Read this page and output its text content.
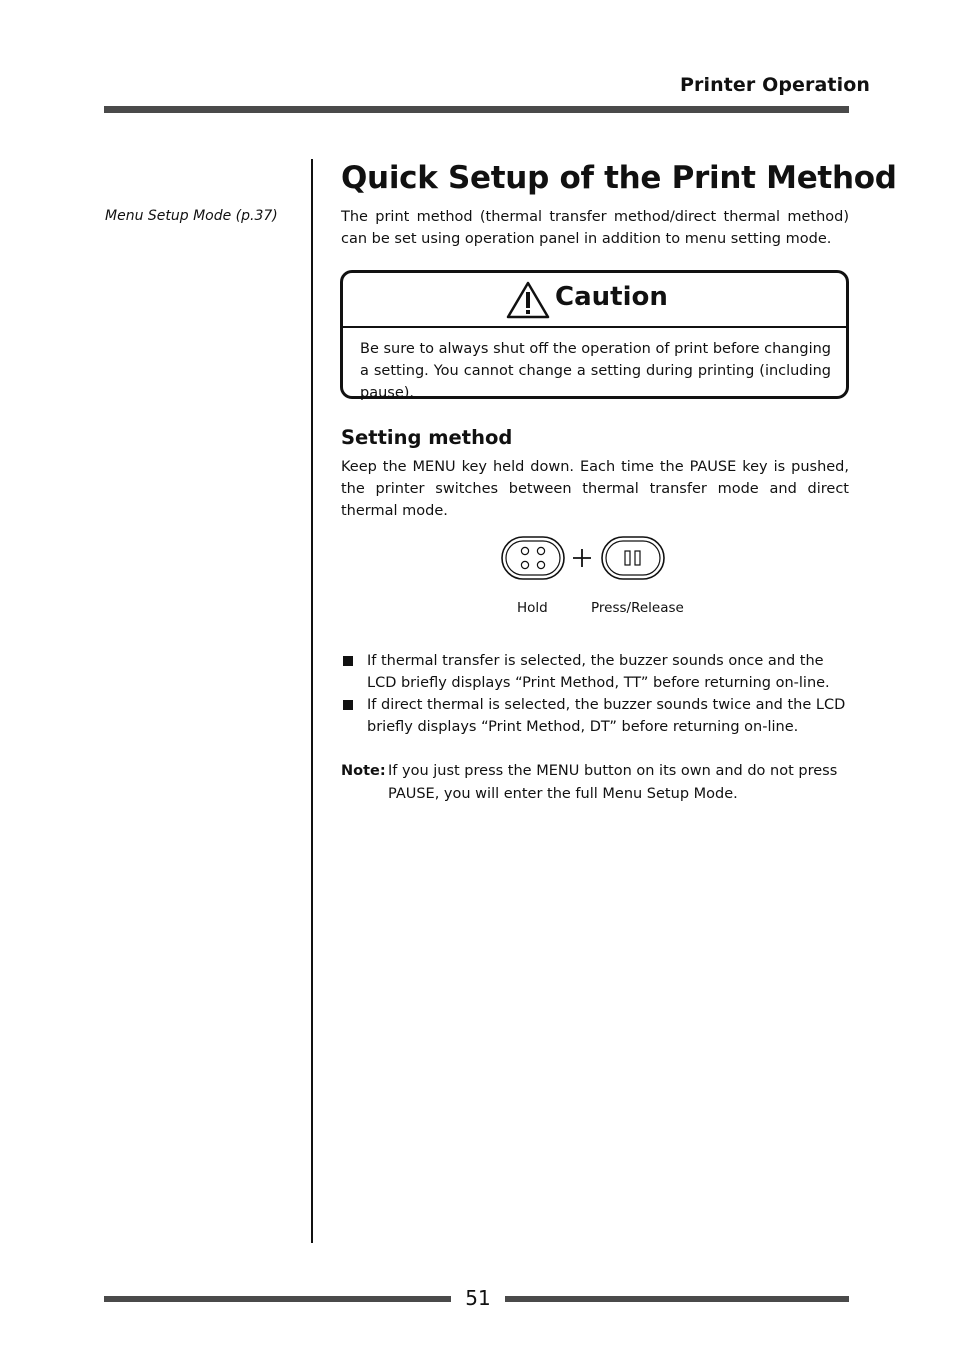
Printer Operation
Menu Setup Mode (p.37)
Quick Setup of the Print Method
The print method (thermal transfer method/direct thermal method) can be set using operation panel in addition to menu setting mode.
Caution
Be sure to always shut off the operation of print before changing a setting. You cannot change a setting during printing (including pause).
Setting method
Keep the MENU key held down. Each time the PAUSE key is pushed, the printer switches between thermal transfer mode and direct thermal mode.
Hold	Press/Release
If thermal transfer is selected, the buzzer sounds once and the LCD briefly displays “Print Method, TT” before returning on-line.
If direct thermal is selected, the buzzer sounds twice and the LCD briefly displays “Print Method, DT” before returning on-line.
Note: If you just press the MENU button on its own and do not press PAUSE, you will enter the full Menu Setup Mode.
51
